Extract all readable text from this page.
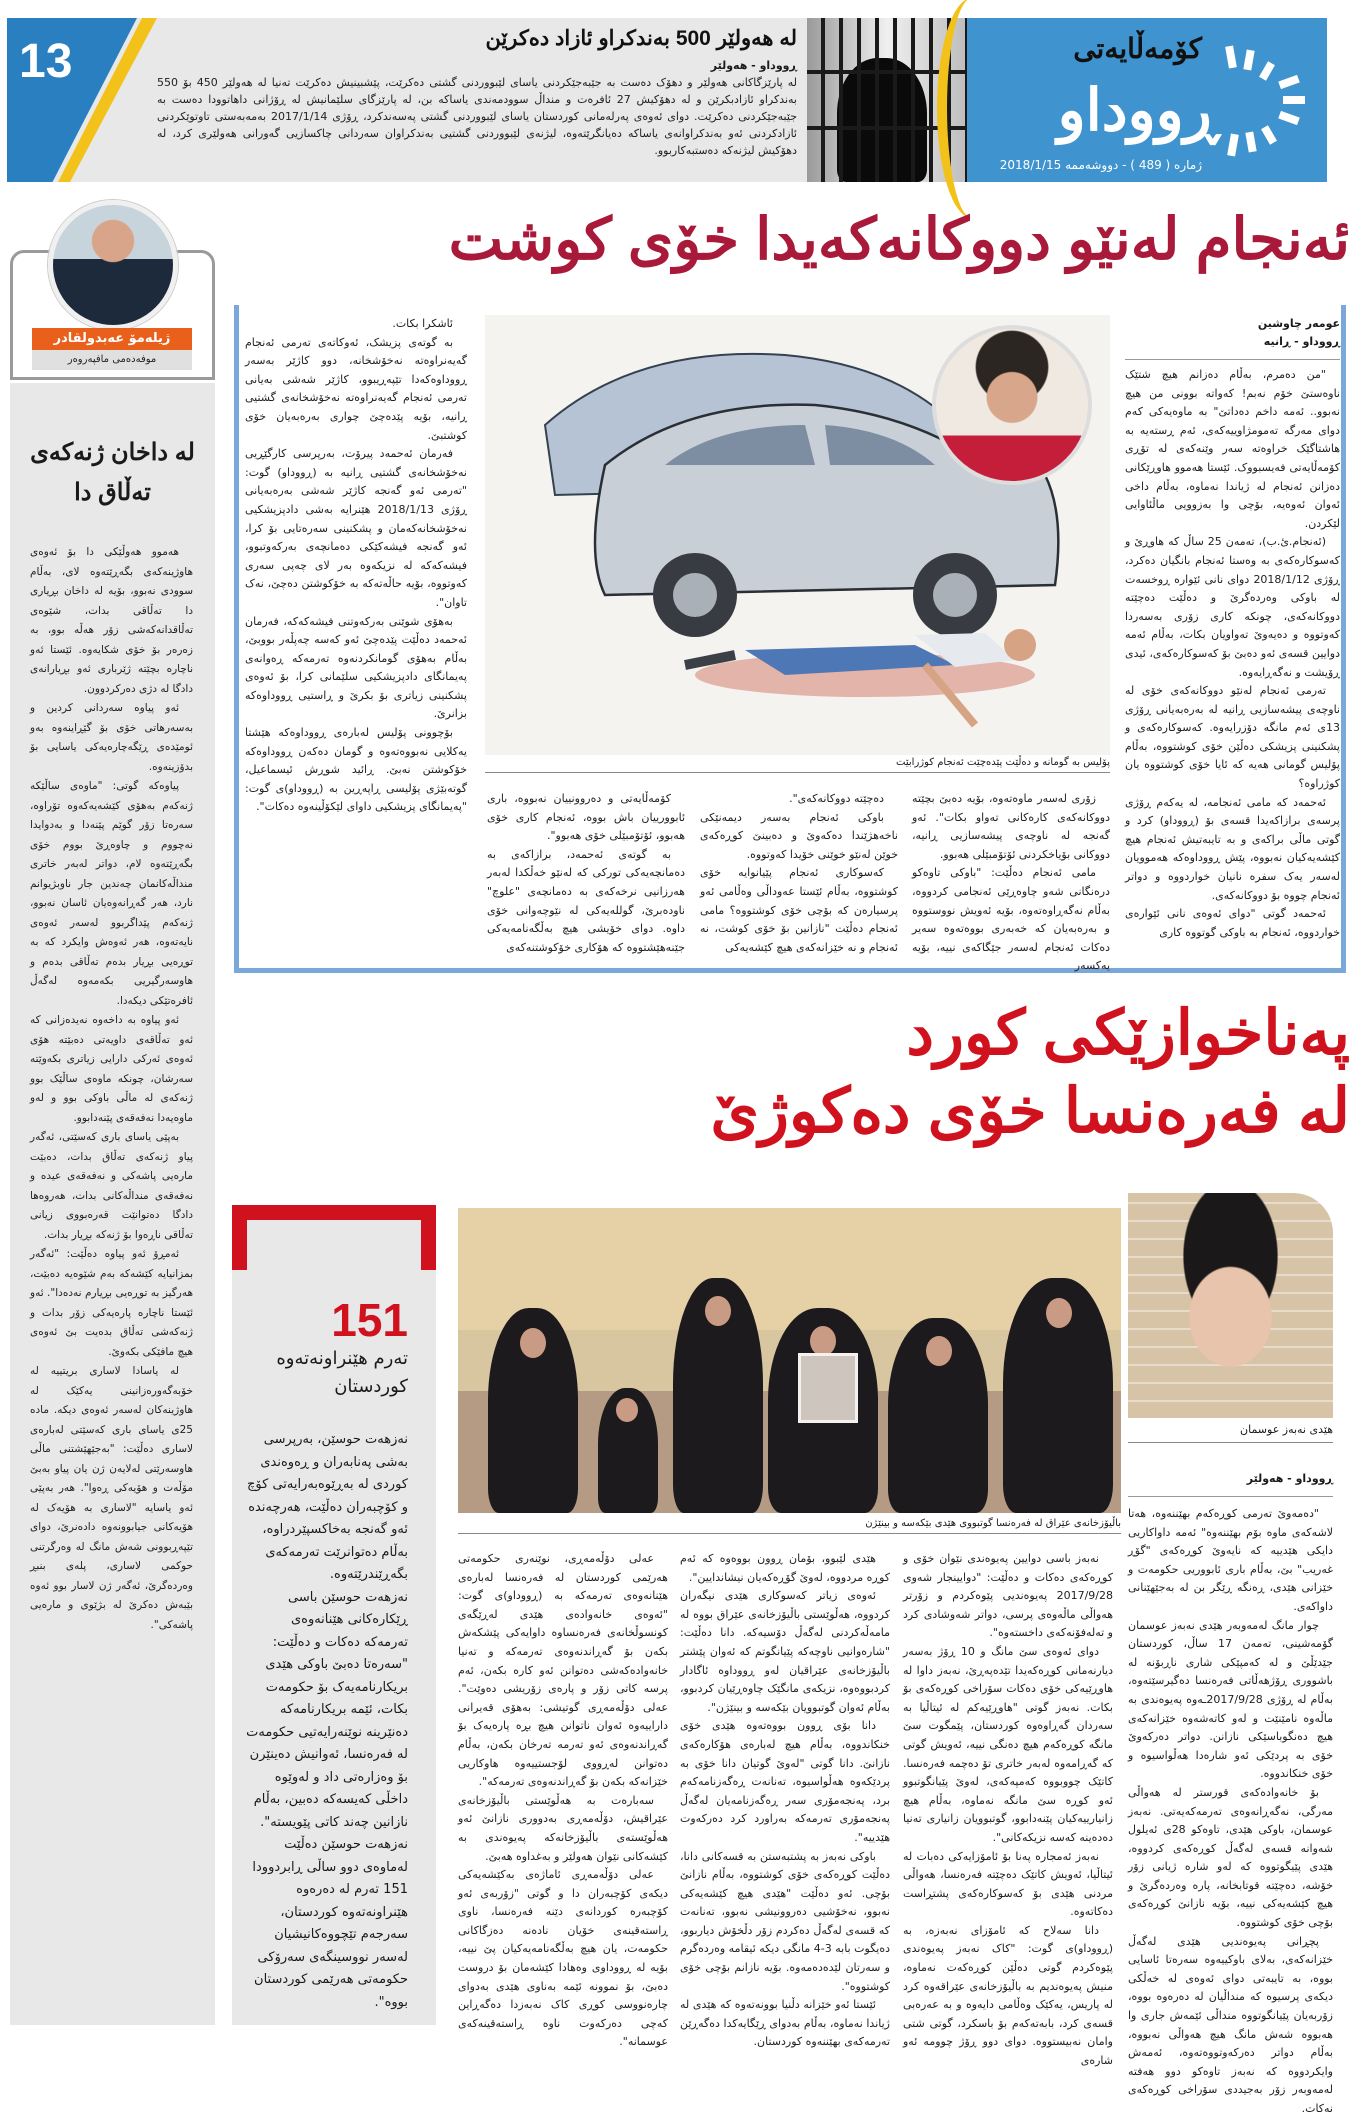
13	له هەولێر 500 بەندکراو ئازاد دەکرێن
ڕووداو - هەولێر
له پارێزگاکانی هەولێر و دهۆک دەست بە جێبەجێکردنی یاسای لێبووردنی گشتی دەکرێت، پێشبینیش دەکرێت تەنیا لە هەولێر 450 بۆ 550 بەندکراو ئازادبکرێن و لە دهۆکیش 27 ئافرەت و منداڵ سوودمەندی یاساکە بن، لە پارێزگای سلێمانیش لە ڕۆژانی داهاتوودا دەست بە جێبەجێکردنی دەکرێت. دوای ئەوەی پەرلەمانی کوردستان یاسای لێبووردنی گشتی پەسەندکرد، ڕۆژی 2017/1/14 بەمەبەستی تاوتوێکردنی ئازادکردنی ئەو بەندکراوانەی یاساکە دەیانگرێتەوە، لیژنەی لێبووردنی گشتیی بەندکراوان سەردانی چاکسازیی گەورانی هەولێری کرد، لە دهۆکیش لیژنەکە دەستبەکاربوو.
کۆمەڵایەتی
ڕووداو
ژمارە ( 489 ) - دووشەممە 2018/1/15
ژیلەمۆ عەبدولقادر
موفەدەمی مافپەروەر
له داخان ژنەکەی تەڵاق دا

هەموو هەوڵێکی دا بۆ ئەوەی هاوژینەکەی بگەڕێتەوە لای، بەڵام سوودی نەبوو، بۆیە لە داخان بڕیاری دا تەڵاقی بدات، شێوەی تەڵاقدانەکەشی زۆر هەڵە بوو، بە زەرەر بۆ خۆی شکایەوە. ئێستا ئەو ناچارە بچێتە ژێربارى ئەو بڕیارانەی دادگا لە دژی دەرکردوون.

ئەو پیاوە سەردانی کردین و بەسەرهاتی خۆی بۆ گێڕاینەوە بەو ئومێدەی ڕێگەچارەیەکی یاسایی بۆ بدۆزینەوە.

پیاوەکە گوتی: "ماوەی ساڵێکە ژنەکەم بەهۆی کێشەیەکەوە تۆراوە، سەرەتا زۆر گوێم پێنەدا و بەدوایدا نەچووم و چاوەڕێ بووم خۆی بگەڕێتەوە لام، دواتر لەبەر خاتری منداڵەکانمان چەندین جار ناوبژیوانم نارد، هەر گەڕانەوەیان ئاسان نەبوو، ژنەکەم پێداگربوو لەسەر ئەوەی نایەتەوە، هەر ئەوەش وایکرد کە بە توڕەیی بڕیار بدەم تەڵاقی بدەم و هاوسەرگیریی بکەمەوە لەگەڵ ئافرەتێکی دیکەدا.

ئەو پیاوە بە داخەوە نەیدەزانی کە ئەو تەڵاقەی داویەتی دەبێتە هۆی ئەوەی ئەرکی دارایی زیاتری بکەوێتە سەرشان، چونکە ماوەی ساڵێک بوو ژنەکەی لە ماڵی باوکی بوو و لەو ماوەیەدا نەفەقەی پێنەدابوو.

بەپێی یاسای باری کەسێتی، ئەگەر پیاو ژنەکەی تەڵاق بدات، دەبێت مارەیی پاشەکی و نەفەقەی عیدە و نەفەقەی منداڵەکانی بدات، هەروەها دادگا دەتوانێت قەرەبووی زیانی تەڵاقی ناڕەوا بۆ ژنەکە بڕیار بدات.

ئەمڕۆ ئەو پیاوە دەڵێت: "ئەگەر بمزانیایە کێشەکە بەم شێوەیە دەبێت، هەرگیز بە توڕەیی بڕیارم نەدەدا". ئەو ئێستا ناچارە پارەیەکی زۆر بدات و ژنەکەشی تەڵاق بدەیت بێ ئەوەی هیچ مافێکی بکەوێ.

لە یاسادا لاساری بریتییە لە خۆبەگەورەزانینی یەکێک لە هاوژینەکان لەسەر ئەوەی دیکە. مادە 25ی یاسای باری کەسێتی لەبارەی لاساری دەڵێت: "بەجێهێشتنی ماڵی هاوسەرێتی لەلایەن ژن یان پیاو بەبێ مۆڵەت و هۆیەکی ڕەوا". هەر بەپێی ئەو یاسایە "لاساری بە هۆیەک لە هۆیەکانی جیابوونەوە دادەنرێ، دوای تێپەڕبوونی شەش مانگ لە وەرگرتنی حوکمی لاساری، پلەی بنبڕ وەردەگرێ، ئەگەر ژن لاسار بوو ئەوە بێبەش دەکرێ لە بژێوی و مارەیی پاشەکی".

ئەنجام لەنێو دووکانەکەیدا خۆی کوشت
عومەر چاوشین
ڕووداو - ڕانیە

"من دەمرم، بەڵام دەزانم هیچ شتێک ناوەستێ خۆم نەبم! کەواتە بوونی من هیچ نەبوو.. ئەمە داخم دەداتێ" بە ماوەیەکی کەم دوای مەرگە تەمومژاوییەکەی، ئەم ڕستەیە بە هاشتاگێک خراوەتە سەر وێنەکەی لە تۆڕی کۆمەڵایەتی فەیسبووک. ئێستا هەموو هاوڕێکانی دەزانن ئەنجام لە ژیاندا نەماوە، بەڵام داخی ئەوان ئەوەیە، بۆچی وا بەزوویی ماڵئاوایی لێکردن.

(ئەنجام.ئ.ب)، تەمەن 25 ساڵ کە هاوڕێ و کەسوکارەکەی بە وەستا ئەنجام بانگیان دەکرد، ڕۆژی 2018/1/12 دوای نانی ئێوارە ڕوخسەت لە باوکی وەردەگرێ و دەڵێت دەچێتە دووکانەکەی، چونکە کاری زۆری بەسەردا کەوتووە و دەیەوێ تەواویان بکات، بەڵام ئەمە دوایین قسەی ئەو دەبێ بۆ کەسوکارەکەی، ئیدی ڕۆیشت و نەگەڕایەوە.

تەرمی ئەنجام لەنێو دووکانەکەی خۆی لە ناوچەی پیشەسازیی ڕانیە لە بەرەبەیانی ڕۆژی 13ی ئەم مانگە دۆزرایەوە. کەسوکارەکەی و پشکنینی پزیشکی دەڵێن خۆی کوشتووە، بەڵام پۆلیس گومانی هەیە کە ئایا خۆی کوشتووە یان کوژراوە؟

ئەحمەد کە مامی ئەنجامە، لە یەکەم ڕۆژی پرسەی برازاکەیدا قسەی بۆ (ڕووداو) کرد و گوتی ماڵی براکەی و بە تایبەتیش ئەنجام هیچ کێشەیەکیان نەبووە، پێش ڕووداوەکە هەموویان لەسەر یەک سفرە نانیان خواردووە و دواتر ئەنجام چووە بۆ دووکانەکەی.

ئەحمەد گوتی "دوای ئەوەی نانی ئێوارەی خواردووە، ئەنجام بە باوکی گوتووە کاری

پۆلیس بە گومانە و دەڵێت پێدەچێت ئەنجام کوژرابێت

زۆری لەسەر ماوەتەوە، بۆیە دەبێ بچێتە دووکانەکەی کارەکانی تەواو بکات". ئەو گەنجە لە ناوچەی پیشەسازیی ڕانیە، دووکانی بۆیاخکردنی ئۆتۆمبێلی هەبوو.

مامی ئەنجام دەڵێت: "باوکی تاوەکو درەنگانی شەو چاوەڕێی ئەنجامی کردووە، بەڵام نەگەڕاوەتەوە، بۆیە ئەویش نووستووە و بەرەبەیان کە خەبەری بووەتەوە سەیر دەکات ئەنجام لەسەر جێگاکەی نییە، بۆیە یەکسەر

دەچێتە دووکانەکەی".

باوکی ئەنجام بەسەر دیمەنێکی ناخەهژێندا دەکەوێ و دەبینێ کوڕەکەی خوێن لەنێو خوێنی خۆیدا کەوتووە.

کەسوکاری ئەنجام پێیانوایە خۆی کوشتووە، بەڵام ئێستا عەوداڵی وەڵامی ئەو پرسیارەن کە بۆچی خۆی کوشتووە؟ مامی ئەنجام دەڵێت "نازانین بۆ خۆی کوشت، نە ئەنجام و نە خێزانەکەی هیچ کێشەیەکی

کۆمەڵایەتی و دەروونییان نەبووە، باری ئابوورییان باش بووە، ئەنجام کاری خۆی هەبوو، ئۆتۆمبێلی خۆی هەبوو".

بە گوتەی ئەحمەد، برازاکەی بە دەمانچەیەکی تورکی کە لەنێو خەڵکدا لەبەر هەرزانیی نرخەکەی بە دەمانچەی "علوچ" ناودەبرێ، گوللەیەکی لە نێوچەوانی خۆی داوە. دوای خۆیشی هیچ بەڵگەنامەیەکی جێنەهێشتووە کە هۆکاری خۆکوشتنەکەی

ئاشکرا بکات.

بە گوتەی پزیشک، ئەوکاتەی تەرمی ئەنجام گەیەنراوەتە نەخۆشخانە، دوو کاژێر بەسەر ڕووداوەکەدا تێپەڕیبوو، کاژێر شەشی بەیانی تەرمی ئەنجام گەیەنراوەتە نەخۆشخانەی گشتیی ڕانیە، بۆیە پێدەچێ چواری بەرەبەیان خۆی کوشتبێ.

فەرمان ئەحمەد پیرۆت، بەرپرسی کارگێڕیی نەخۆشخانەی گشتیی ڕانیە بە (ڕووداو) گوت: "تەرمی ئەو گەنجە کاژێر شەشی بەرەبەیانی ڕۆژی 2018/1/13 هێنرایە بەشی دادپزیشکیی نەخۆشخانەکەمان و پشکنینی سەرەتایی بۆ کرا، ئەو گەنجە فیشەکێکی دەمانچەی بەرکەوتبوو، فیشەکەکە لە نزیکەوە بەر لای چەپی سەری کەوتووە، بۆیە حاڵەتەکە بە خۆکوشتن دەچێ، نەک تاوان".

بەهۆی شوێنی بەرکەوتنی فیشەکەکە، فەرمان ئەحمەد دەڵێت پێدەچێ ئەو کەسە چەپڵەر بووبێ، بەڵام بەهۆی گومانکردنەوە تەرمەکە ڕەوانەی پەیمانگای دادپزیشکیی سلێمانی کرا، بۆ ئەوەی پشکنینی زیاتری بۆ بکرێ و ڕاستیی ڕووداوەکە بزانرێ.

بۆچوونی پۆلیس لەبارەی ڕووداوەکە هێشتا یەکلایی نەبووەتەوە و گومان دەکەن ڕووداوەکە خۆکوشتن نەبێ. ڕائید شوڕش ئیسماعیل، گوتەبێژی پۆلیسی ڕاپەڕین بە (ڕووداو)ی گوت: "پەیمانگای پزیشکیی داوای لێکۆڵینەوە دەکات".

پەناخوازێکی کورد
لە فەرەنسا خۆی دەکوژێ
151
تەرم هێنراونەتەوە کوردستان

نەزهەت حوسێن، بەرپرسی بەشی پەنابەران و ڕەوەندی کوردی لە بەڕێوەبەرایەتی کۆچ و کۆچبەران دەڵێت، هەرچەندە ئەو گەنجە بەخاکسپێردراوە، بەڵام دەتوانرێت تەرمەکەی بگەڕێندرێتەوە.

نەزهەت حوسێن باسی ڕێکارەکانی هێنانەوەی تەرمەکە دەکات و دەڵێت: "سەرەتا دەبێ باوکی هێدی بریکارنامەیەک بۆ حکومەت بکات، ئێمە بریکارنامەکە دەنێرینە نوێنەرایەتیی حکومەت لە فەرەنسا، ئەوانیش دەینێرن بۆ وەزارەتی داد و لەوێوە داخڵی کەیسەکە دەبین، بەڵام نازانین چەند کاتی پێویستە".

نەزهەت حوسێن دەڵێت لەماوەی دوو ساڵی ڕابردوودا 151 تەرم لە دەرەوە هێنراونەتەوە کوردستان، سەرجەم تێچووەکانیشیان لەسەر نووسینگەی سەرۆکی حکومەتی هەرێمی کوردستان بووە".

باڵیۆزخانەی عێراق لە فەرەنسا گوتبووی هێدی بێکەسە و بینێژن
هێدی نەبەز عوسمان
ڕووداو - هەولێر

"دەمەوێ تەرمی کوڕەکەم بهێننەوە، هەتا لاشەکەی ماوە بۆم بهێننەوە" ئەمە داواکاریی دایکی هێدییە کە نایەوێ کوڕەکەی "گۆڕ غەریب" بێ، بەڵام باری ئابووریی حکومەت و خێزانی هێدی، ڕەنگە ڕێگر بن لە بەجێهێنانی داواکەی.

چوار مانگ لەمەوبەر هێدی نەبەز عوسمان گۆمەشینی، تەمەن 17 ساڵ، کوردستان جێدێڵێ و لە کەمپێکی شاری ناڕبۆنە لە باشووری ڕۆژهەڵاتی فەرەنسا دەگیرسێتەوە، بەڵام لە ڕۆژی 2017/9/28ـەوە پەیوەندی بە ماڵەوە نامێنێت و لەو کاتەشەوە خێزانەکەی هیچ دەنگوباسێکی نازانن. دواتر دەرکەوێ خۆی بە پردێکی ئەو شارەدا هەڵواسیوە و خۆی خنکاندووە.

بۆ خانەوادەکەی قورستر لە هەواڵی مەرگی، نەگەڕانەوەی تەرمەکەیەتی. نەبەز عوسمان، باوکی هێدی، تاوەکو 28ی ئەیلول شەوانە قسەی لەگەڵ کوڕەکەی کردووە، هێدی پێیگوتووە کە لەو شارە ژیانی زۆر خۆشە، دەچێتە قوتابخانە، پارە وەردەگرێ و هیچ کێشەیەکی نییە، بۆیە نازانێ کوڕەکەی بۆچی خۆی کوشتووە.

پچڕانی پەیوەندیی هێدی لەگەڵ خێزانەکەی، بەلای باوکییەوە سەرەتا ئاسایی بووە، بە تایبەتی دوای ئەوەی لە خەڵکی دیکەی پرسیوە کە منداڵیان لە دەرەوە بووە، زۆربەیان پێیانگوتووە منداڵی ئێمەش جاری وا هەبووە شەش مانگ هیچ هەواڵی نەبووە، بەڵام دواتر دەرکەوتووەتەوە، ئەمەش وایکردووە کە نەبەز تاوەکو دوو هەفتە لەمەوبەر زۆر بەجیددی سۆراخی کوڕەکەی نەکات.

نەبەز باسی دوایین پەیوەندی نێوان خۆی و کوڕەکەی دەکات و دەڵێت: "دوایینجار شەوی 2017/9/28 پەیوەندیی پێوەکردم و زۆرتر هەواڵی ماڵەوەی پرسی، دواتر شەوشادی کرد و تەلەفۆنەکەی داخستەوە".

دوای ئەوەی سێ مانگ و 10 ڕۆژ بەسەر دیارنەمانی کوڕەکەیدا تێدەپەڕێ، نەبەز داوا لە هاوڕێیەکی خۆی دەکات سۆراخی کوڕەکەی بۆ بکات. نەبەز گوتی "هاوڕێیەکم لە ئیتاڵیا بە سەردان گەڕاوەوە کوردستان، پێمگوت سێ مانگە کوڕەکەم هیچ دەنگی نییە، ئەویش گوتی کە گەڕامەوە لەبەر خاتری تۆ دەچمە فەرەنسا. کاتێک چووبووە کەمپەکەی، لەوێ پێیانگوتبوو ئەو کوڕە سێ مانگە نەماوە، بەڵام هیچ زانیارییەکیان پێنەدابوو، گوتبوویان زانیاری تەنیا دەدەینە کەسە نزیکەکانی".

نەبەز ئەمجارە پەنا بۆ ئامۆزایەکی دەبات لە ئیتاڵیا، ئەویش کاتێک دەچێتە فەرەنسا، هەواڵی مردنی هێدی بۆ کەسوکارەکەی پشتڕاست دەکاتەوە.

دانا سەلاح کە ئامۆزای نەبەزە، بە (ڕووداو)ی گوت: "کاک نەبەز پەیوەندی پێوەکردم گوتی دەڵێن کوڕەکەت نەماوە، منیش پەیوەندیم بە باڵیۆزخانەی عێراقەوە کرد لە پاریس، یەکێک وەڵامی دایەوە و بە عەرەبی قسەی کرد، بابەتەکەم بۆ باسکرد، گوتی شتی وامان نەبیستووە. دوای دوو ڕۆژ چوومە ئەو شارەی

هێدی لێبوو، بۆمان ڕوون بووەوە کە ئەم کوڕە مردووە، لەوێ گۆڕەکەیان نیشاندایین".

ئەوەی زیاتر کەسوکاری هێدی نیگەران کردووە، هەڵوێستی باڵیۆزخانەی عێراق بووە لە مامەڵەکردنی لەگەڵ دۆسیەکە. دانا دەڵێت: "شارەوانیی ناوچەکە پێیانگوتم کە ئەوان پێشتر باڵیۆزخانەی عێراقیان لەو ڕووداوە ئاگادار کردبووەوە، نزیکەی مانگێک چاوەڕێیان کردبوو، بەڵام ئەوان گوتبوویان بێکەسە و بینێژن".

دانا بۆی ڕوون بووەتەوە هێدی خۆی خنکاندووە، بەڵام هیچ لەبارەی هۆکارەکەی نازانێ. دانا گوتی "لەوێ گوتیان دانا خۆی بە پردێکەوە هەڵواسیوە، تەنانەت ڕەگەزنامەکەم برد، پەنجەمۆری سەر ڕەگەزنامەیان لەگەڵ پەنجەمۆری تەرمەکە بەراورد کرد دەرکەوت هێدییە".

باوکی نەبەز بە پشتبەستن بە قسەکانی دانا، دەڵێت کوڕەکەی خۆی کوشتووە، بەڵام نازانێ بۆچی. ئەو دەڵێت "هێدی هیچ کێشەیەکی نەبوو، نەخۆشیی دەروونیشی نەبوو، تەنانەت کە قسەی لەگەڵ دەکردم زۆر دڵخۆش دیاربوو، دەیگوت بابە 3-4 مانگی دیکە ئیقامە وەردەگرم و سەرتان لێدەدەمەوە. بۆیە نازانم بۆچی خۆی کوشتووە".

ئێستا ئەو خێزانە دڵنیا بوونەتەوە کە هێدی لە ژیاندا نەماوە، بەڵام بەدوای ڕێگایەکدا دەگەڕێن تەرمەکەی بهێننەوە کوردستان.

عەلی دۆڵەمەڕی، نوێنەری حکومەتی هەرێمی کوردستان لە فەرەنسا لەبارەی هێنانەوەی تەرمەکە بە (ڕووداو)ی گوت: "ئەوەی خانەوادەی هێدی لەڕێگەی کونسوڵخانەی فەرەنساوە داوایەکی پێشکەش بکەن بۆ گەڕاندنەوەی تەرمەکە و تەنیا خانەوادەکەشی دەتوانن ئەو کارە بکەن، ئەم پرسە کاتی زۆر و پارەی زۆریشی دەوێت". عەلی دۆڵەمەڕی گوتیشی: بەهۆی قەیرانی داراییەوە ئەوان ناتوانن هیچ بڕە پارەیەک بۆ گەڕاندنەوەی ئەو تەرمە تەرخان بکەن، بەڵام دەتوانن لەڕووی لۆجستییەوە هاوکاریی خێزانەکە بکەن بۆ گەڕاندنەوەی تەرمەکە".

سەبارەت بە هەڵوێستی باڵیۆزخانەی عێراقیش، دۆڵەمەڕی بەدووری نازانێ ئەو هەڵوێستەی باڵیۆزخانەکە پەیوەندی بە کێشەکانی نێوان هەولێر و بەغداوە هەبێ.

عەلی دۆڵەمەڕی ئاماژەی بەکێشەیەکی دیکەی کۆچبەران دا و گوتی "زۆربەی ئەو کۆچبەرە کوردانەی دێنە فەرەنسا، ناوی ڕاستەقینەی خۆیان نادەنە دەزگاکانی حکومەت، یان هیچ بەڵگەنامەیەکیان پێ نییە، بۆیە لە ڕووداوی وەهادا کێشەمان بۆ دروست دەبێ، بۆ نموونە ئێمە بەناوی هێدی بەدوای چارەنووسی کوڕی کاک نەبەزدا دەگەڕاین کەچی دەرکەوت ناوە ڕاستەقینەکەی عوسمانە".
